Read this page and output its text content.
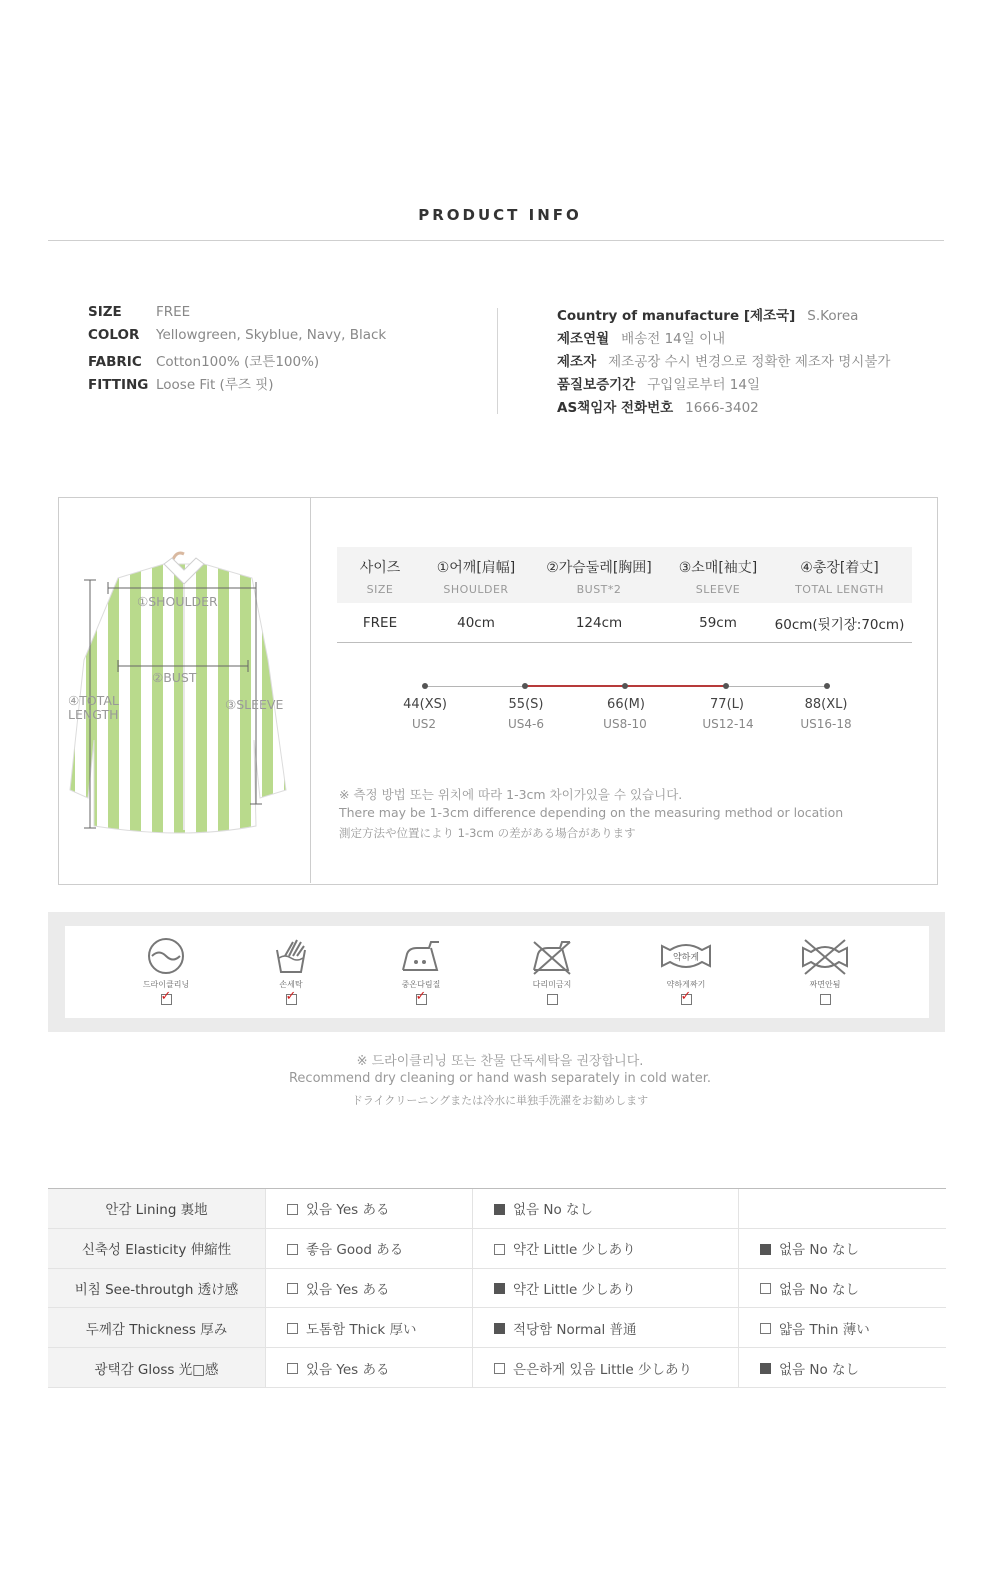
PRODUCT INFO
SIZE	FREE
COLOR Yellowgreen, Skyblue, Navy, Black
FABRIC Cotton100% (코튼100%)
FITTING Loose Fit (루즈 핏)
Country of manufacture [제조국] S.Korea
제조연월 배송전 14일 이내
제조자 제조공장 수시 변경으로 정확한 제조자 명시불가
품질보증기간 구입일로부터 14일
AS책임자 전화번호 1666-3402
①SHOULDER
②BUST
③SLEEVE
④TOTAL
LENGTH
사이즈	①어깨[肩幅]	②가슴둘레[胸囲]	③소매[袖丈]	④총장[着丈]
SIZE	SHOULDER	BUST*2	SLEEVE	TOTAL LENGTH
FREE	40cm	124cm	59cm	60cm(뒷기장:70cm)
44(XS)	55(S)	66(M)	77(L)	88(XL)
US2	US4-6	US8-10	US12-14	US16-18
※ 측정 방법 또는 위치에 따라 1-3cm 차이가있을 수 있습니다.
There may be 1-3cm difference depending on the measuring method or location
測定方法や位置により 1-3cm の差がある場合があります
드라이클리닝
✓
손세탁
✓
중온다림질
✓
다리미금지
약하게
약하게짜기
✓
짜면안됨
※ 드라이클리닝 또는 찬물 단독세탁을 권장합니다.
Recommend dry cleaning or hand wash separately in cold water.
ドライクリーニングまたは冷水に単独手洗濯をお勧めします
안감 Lining 裏地	있음 Yes ある	없음 No なし	
신축성 Elasticity 伸縮性	좋음 Good ある	약간 Little 少しあり	없음 No なし
비침 See-throutgh 透け感	있음 Yes ある	약간 Little 少しあり	없음 No なし
두께감 Thickness 厚み	도톰함 Thick 厚い	적당함 Normal 普通	얇음 Thin 薄い
광택감 Gloss 光□感	있음 Yes ある	은은하게 있음 Little 少しあり	없음 No なし
